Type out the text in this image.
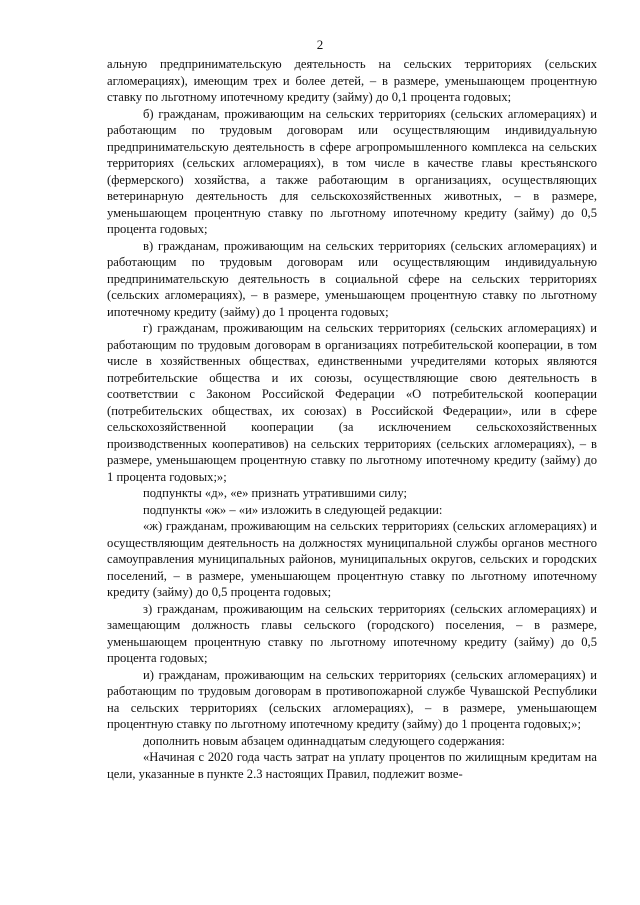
2

альную предпринимательскую деятельность на сельских территориях (сельских агломерациях), имеющим трех и более детей, – в размере, уменьшающем процентную ставку по льготному ипотечному кредиту (займу) до 0,1 процента годовых;

б) гражданам, проживающим на сельских территориях (сельских агломерациях) и работающим по трудовым договорам или осуществляющим индивидуальную предпринимательскую деятельность в сфере агропромышленного комплекса на сельских территориях (сельских агломерациях), в том числе в качестве главы крестьянского (фермерского) хозяйства, а также работающим в организациях, осуществляющих ветеринарную деятельность для сельскохозяйственных животных, – в размере, уменьшающем процентную ставку по льготному ипотечному кредиту (займу) до 0,5 процента годовых;

в) гражданам, проживающим на сельских территориях (сельских агломерациях) и работающим по трудовым договорам или осуществляющим индивидуальную предпринимательскую деятельность в социальной сфере на сельских территориях (сельских агломерациях), – в размере, уменьшающем процентную ставку по льготному ипотечному кредиту (займу) до 1 процента годовых;

г) гражданам, проживающим на сельских территориях (сельских агломерациях) и работающим по трудовым договорам в организациях потребительской кооперации, в том числе в хозяйственных обществах, единственными учредителями которых являются потребительские общества и их союзы, осуществляющие свою деятельность в соответствии с Законом Российской Федерации «О потребительской кооперации (потребительских обществах, их союзах) в Российской Федерации», или в сфере сельскохозяйственной кооперации (за исключением сельскохозяйственных производственных кооперативов) на сельских территориях (сельских агломерациях), – в размере, уменьшающем процентную ставку по льготному ипотечному кредиту (займу) до 1 процента годовых;»;

подпункты «д», «е» признать утратившими силу;

подпункты «ж» – «и» изложить в следующей редакции:

«ж) гражданам, проживающим на сельских территориях (сельских агломерациях) и осуществляющим деятельность на должностях муниципальной службы органов местного самоуправления муниципальных районов, муниципальных округов, сельских и городских поселений, – в размере, уменьшающем процентную ставку по льготному ипотечному кредиту (займу) до 0,5 процента годовых;

з) гражданам, проживающим на сельских территориях (сельских агломерациях) и замещающим должность главы сельского (городского) поселения, – в размере, уменьшающем процентную ставку по льготному ипотечному кредиту (займу) до 0,5 процента годовых;

и) гражданам, проживающим на сельских территориях (сельских агломерациях) и работающим по трудовым договорам в противопожарной службе Чувашской Республики на сельских территориях (сельских агломерациях), – в размере, уменьшающем процентную ставку по льготному ипотечному кредиту (займу) до 1 процента годовых;»;

дополнить новым абзацем одиннадцатым следующего содержания:

«Начиная с 2020 года часть затрат на уплату процентов по жилищным кредитам на цели, указанные в пункте 2.3 настоящих Правил, подлежит возме-
